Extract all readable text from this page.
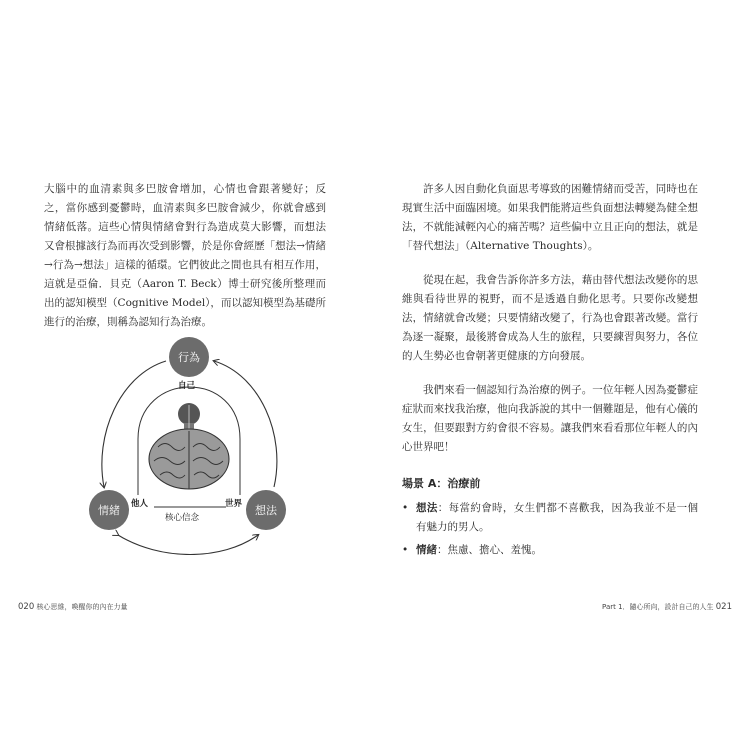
大腦中的血清素與多巴胺會增加，心情也會跟著變好；反之，當你感到憂鬱時，血清素與多巴胺會減少，你就會感到情緒低落。這些心情與情緒會對行為造成莫大影響，而想法又會根據該行為而再次受到影響，於是你會經歷「想法→情緒→行為→想法」這樣的循環。它們彼此之間也具有相互作用，這就是亞倫．貝克（Aaron T. Beck）博士研究後所整理而出的認知模型（Cognitive Model），而以認知模型為基礎所進行的治療，則稱為認知行為治療。

行為
情緒	想法
自己
他人	世界
核心信念
020 核心思維，喚醒你的內在力量

許多人因自動化負面思考導致的困難情緒而受苦，同時也在現實生活中面臨困境。如果我們能將這些負面想法轉變為健全想法，不就能減輕內心的痛苦嗎？這些偏中立且正向的想法，就是「替代想法」（Alternative Thoughts）。

從現在起，我會告訴你許多方法，藉由替代想法改變你的思維與看待世界的視野，而不是透過自動化思考。只要你改變想法，情緒就會改變；只要情緒改變了，行為也會跟著改變。當行為逐一凝聚，最後將會成為人生的旅程，只要練習與努力，各位的人生勢必也會朝著更健康的方向發展。

我們來看一個認知行為治療的例子。一位年輕人因為憂鬱症症狀而來找我治療，他向我訴說的其中一個難題是，他有心儀的女生，但要跟對方約會很不容易。讓我們來看看那位年輕人的內心世界吧！

場景 A：治療前
• 想法：每當約會時，女生們都不喜歡我，因為我並不是一個有魅力的男人。
• 情緒：焦慮、擔心、羞愧。
Part 1．隨心所向，設計自己的人生 021
